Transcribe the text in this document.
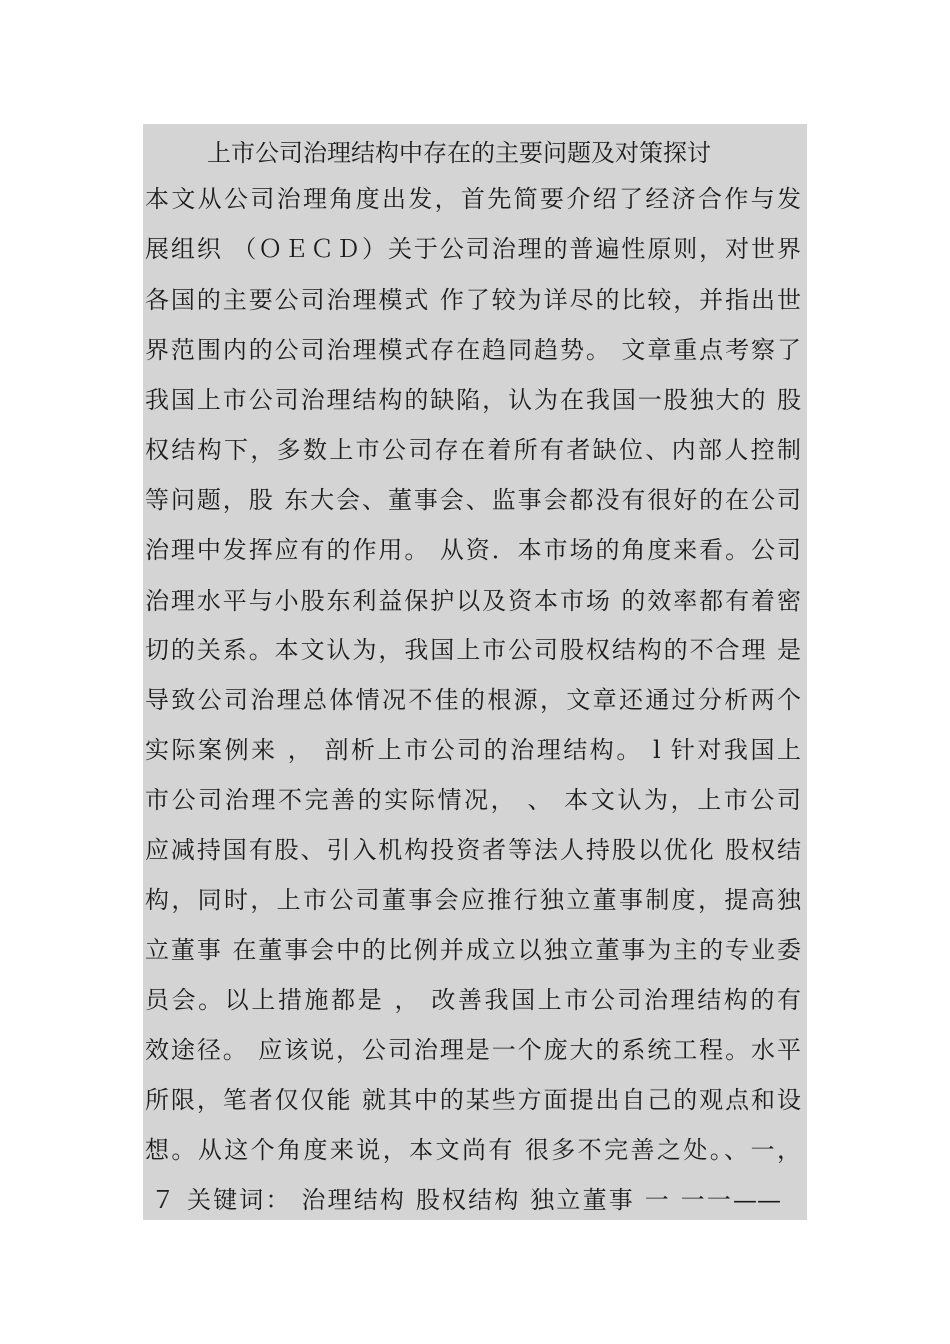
上市公司治理结构中存在的主要问题及对策探讨
本文从公司治理角度出发，首先简要介绍了经济合作与发
展组织 （ＯＥＣＤ）关于公司治理的普遍性原则，对世界
各国的主要公司治理模式 作了较为详尽的比较，并指出世
界范围内的公司治理模式存在趋同趋势。 文章重点考察了
我国上市公司治理结构的缺陷，认为在我国一股独大的 股
权结构下，多数上市公司存在着所有者缺位、内部人控制
等问题，股 东大会、董事会、监事会都没有很好的在公司
治理中发挥应有的作用。 从资．本市场的角度来看。公司
治理水平与小股东利益保护以及资本市场 的效率都有着密
切的关系。本文认为，我国上市公司股权结构的不合理 是
导致公司治理总体情况不佳的根源，文章还通过分析两个
实际案例来 ， 剖析上市公司的治理结构。 l 针对我国上
市公司治理不完善的实际情况， 、 本文认为，上市公司
应减持国有股、引入机构投资者等法人持股以优化 股权结
构，同时，上市公司董事会应推行独立董事制度，提高独
立董事 在董事会中的比例并成立以独立董事为主的专业委
员会。以上措施都是 ， 改善我国上市公司治理结构的有
效途径。 应该说，公司治理是一个庞大的系统工程。水平
所限，笔者仅仅能 就其中的某些方面提出自己的观点和设
想。从这个角度来说，本文尚有 很多不完善之处。、一，
７ 关键词： 治理结构 股权结构 独立董事 一 一一——
